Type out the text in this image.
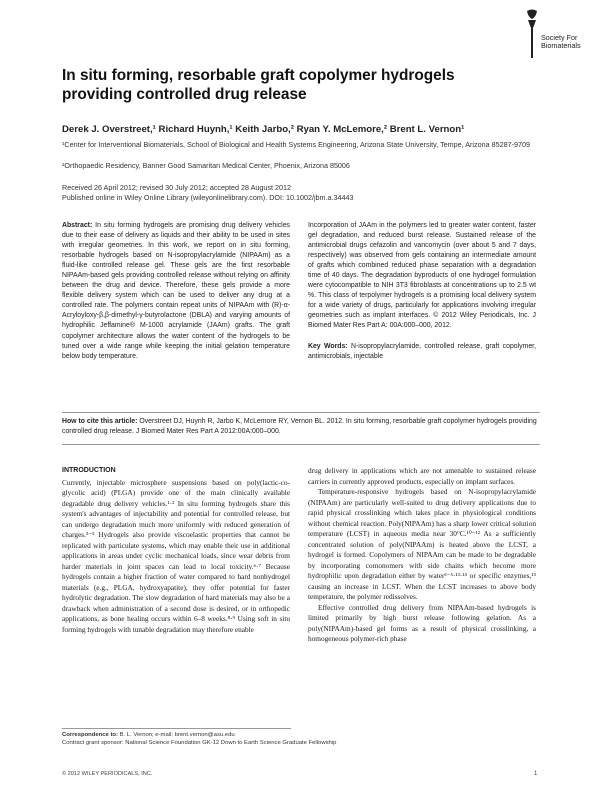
Society For
Biomaterials
In situ forming, resorbable graft copolymer hydrogels providing controlled drug release
Derek J. Overstreet,¹ Richard Huynh,¹ Keith Jarbo,² Ryan Y. McLemore,² Brent L. Vernon¹
¹Center for Interventional Biomaterials, School of Biological and Health Systems Engineering, Arizona State University, Tempe, Arizona 85287-9709
²Orthopaedic Residency, Banner Good Samaritan Medical Center, Phoenix, Arizona 85006
Received 26 April 2012; revised 30 July 2012; accepted 28 August 2012
Published online in Wiley Online Library (wileyonlinelibrary.com). DOI: 10.1002/jbm.a.34443
Abstract: In situ forming hydrogels are promising drug delivery vehicles due to their ease of delivery as liquids and their ability to be used in sites with irregular geometries. In this work, we report on in situ forming, resorbable hydrogels based on N-isopropylacrylamide (NIPAAm) as a fluid-like controlled release gel. These gels are the first resorbable NIPAAm-based gels providing controlled release without relying on affinity between the drug and device. Therefore, these gels provide a more flexible delivery system which can be used to deliver any drug at a controlled rate. The polymers contain repeat units of NIPAAm with (R)-α-Acryloyloxy-β,β-dimethyl-γ-butyrolactone (DBLA) and varying amounts of hydrophilic Jeffamine® M-1000 acrylamide (JAAm) grafts. The graft copolymer architecture allows the water content of the hydrogels to be tuned over a wide range while keeping the initial gelation temperature below body temperature.
Incorporation of JAAm in the polymers led to greater water content, faster gel degradation, and reduced burst release. Sustained release of the antimicrobial drugs cefazolin and vancomycin (over about 5 and 7 days, respectively) was observed from gels containing an intermediate amount of grafts which combined reduced phase separation with a degradation time of 40 days. The degradation byproducts of one hydrogel formulation were cytocompatible to NIH 3T3 fibroblasts at concentrations up to 2.5 wt %. This class of terpolymer hydrogels is a promising local delivery system for a wide variety of drugs, particularly for applications involving irregular geometries such as implant interfaces. © 2012 Wiley Periodicals, Inc. J Biomed Mater Res Part A: 00A:000–000, 2012.
Key Words: N-isopropylacrylamide, controlled release, graft copolymer, antimicrobials, injectable
How to cite this article: Overstreet DJ, Huynh R, Jarbo K, McLemore RY, Vernon BL. 2012. In situ forming, resorbable graft copolymer hydrogels providing controlled drug release. J Biomed Mater Res Part A 2012:00A:000–000.
INTRODUCTION

Currently, injectable microsphere suspensions based on poly(lactic-co-glycolic acid) (PLGA) provide one of the main clinically available degradable drug delivery vehicles.¹·² In situ forming hydrogels share this system's advantages of injectability and potential for controlled release, but can undergo degradation much more uniformly with reduced generation of charges.³⁻⁵ Hydrogels also provide viscoelastic properties that cannot be replicated with particulate systems, which may enable their use in additional applications in areas under cyclic mechanical loads, since wear debris from harder materials in joint spaces can lead to local toxicity.⁶·⁷ Because hydrogels contain a higher fraction of water compared to hard nonhydrogel materials (e.g., PLGA, hydroxyapatite), they offer potential for faster hydrolytic degradation. The slow degradation of hard materials may also be a drawback when administration of a second dose is desired, or in orthopedic applications, as bone healing occurs within 6–8 weeks.⁸·⁹ Using soft in situ forming hydrogels with tunable degradation may therefore enable

drug delivery in applications which are not amenable to sustained release carriers in currently approved products, especially on implant surfaces.

Temperature-responsive hydrogels based on N-isopropylacrylamide (NIPAAm) are particularly well-suited to drug delivery applications due to rapid physical crosslinking which takes place in physiological conditions without chemical reaction. Poly(NIPAAm) has a sharp lower critical solution temperature (LCST) in aqueous media near 30°C.¹⁰⁻¹² As a sufficiently concentrated solution of poly(NIPAAm) is heated above the LCST, a hydrogel is formed. Copolymers of NIPAAm can be made to be degradable by incorporating comonomers with side chains which become more hydrophilic upon degradation either by water³⁻⁵·¹³·¹⁴ or specific enzymes,¹⁵ causing an increase in LCST. When the LCST increases to above body temperature, the polymer redissolves.

Effective controlled drug delivery from NIPAAm-based hydrogels is limited primarily by high burst release following gelation. As a poly(NIPAAm)-based gel forms as a result of physical crosslinking, a homogeneous polymer-rich phase

Correspondence to: B. L. Vernon; e-mail: brent.vernon@asu.edu
Contract grant sponsor: National Science Foundation GK-12 Down to Earth Science Graduate Fellowship
© 2012 WILEY PERIODICALS, INC.	1
